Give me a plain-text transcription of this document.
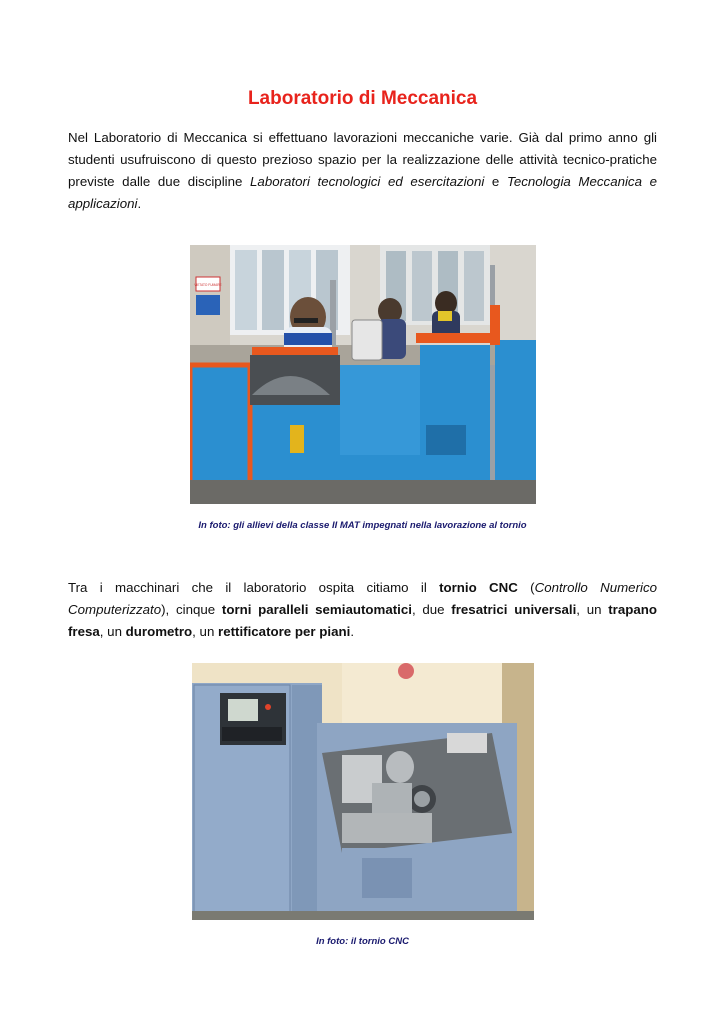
Laboratorio di Meccanica

Nel Laboratorio di Meccanica si effettuano lavorazioni meccaniche varie. Già dal primo anno gli studenti usufruiscono di questo prezioso spazio per la realizzazione delle attività tecnico-pratiche previste dalle due discipline Laboratori tecnologici ed esercitazioni e Tecnologia Meccanica e applicazioni.

VIETATO FUMARE
In foto: gli allievi della classe II MAT impegnati nella lavorazione al tornio

Tra i macchinari che il laboratorio ospita citiamo il tornio CNC (Controllo Numerico Computerizzato), cinque torni paralleli semiautomatici, due fresatrici universali, un trapano fresa, un durometro, un rettificatore per piani.

In foto: il tornio CNC
